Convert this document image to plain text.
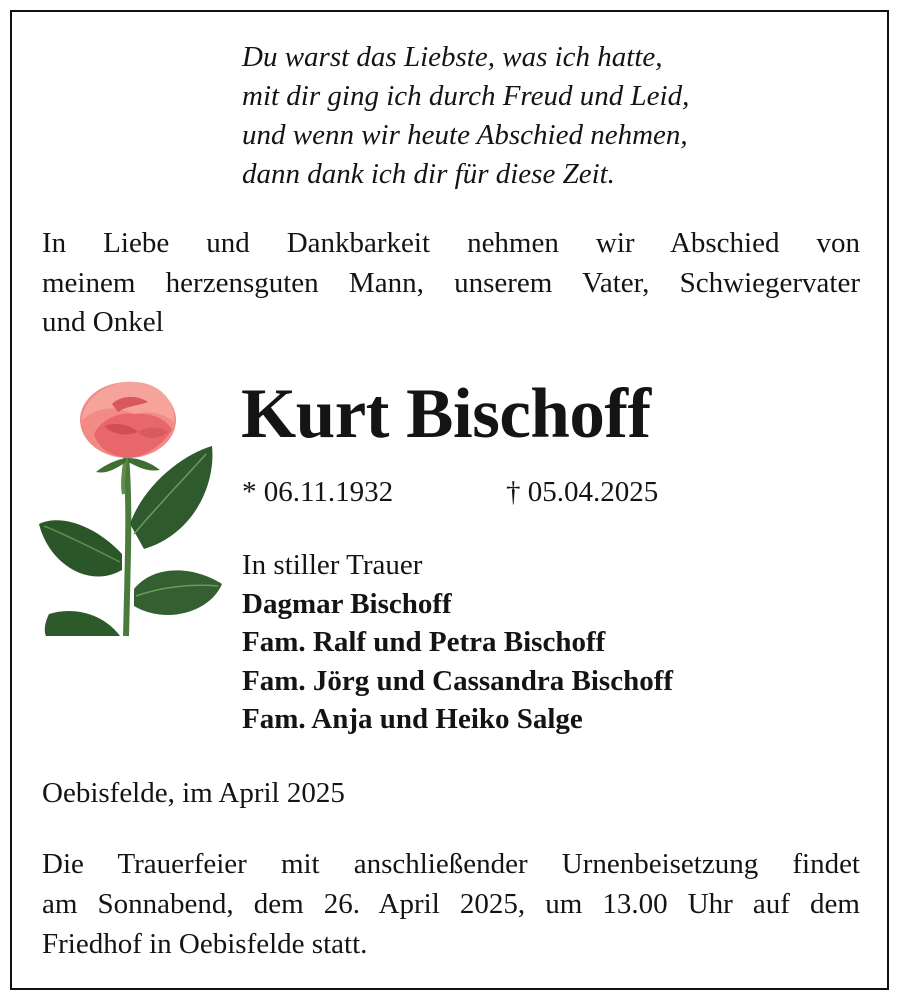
Du warst das Liebste, was ich hatte,
mit dir ging ich durch Freud und Leid,
und wenn wir heute Abschied nehmen,
dann dank ich dir für diese Zeit.
In Liebe und Dankbarkeit nehmen wir Abschied von
meinem herzensguten Mann, unserem Vater, Schwiegervater
und Onkel
Kurt Bischoff
* 06.11.1932	† 05.04.2025
In stiller Trauer
Dagmar Bischoff
Fam. Ralf und Petra Bischoff
Fam. Jörg und Cassandra Bischoff
Fam. Anja und Heiko Salge
Oebisfelde, im April 2025
Die Trauerfeier mit anschließender Urnenbeisetzung findet
am Sonnabend, dem 26. April 2025, um 13.00 Uhr auf dem
Friedhof in Oebisfelde statt.
